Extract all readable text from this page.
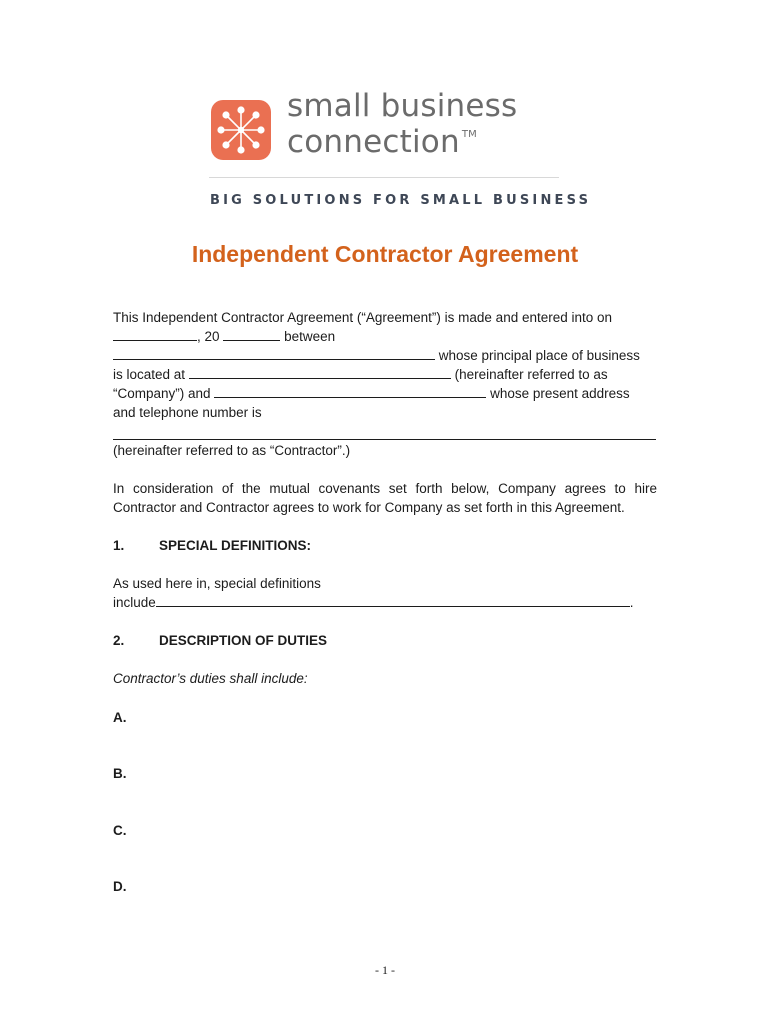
small business
connection ™
BIG SOLUTIONS FOR SMALL BUSINESS
Independent Contractor Agreement
This Independent Contractor Agreement (“Agreement”) is made and entered into on
, 20	between
whose principal place of business
is located at	(hereinafter referred to as
“Company”) and	whose present address
and telephone number is
(hereinafter referred to as “Contractor”.)
In consideration of the mutual covenants set forth below, Company agrees to hire
Contractor and Contractor agrees to work for Company as set forth in this Agreement.
1.	SPECIAL DEFINITIONS:
As used here in, special definitions
include	.
2.	DESCRIPTION OF DUTIES
Contractor’s duties shall include:
A.
B.
C.
D.
- 1 -
